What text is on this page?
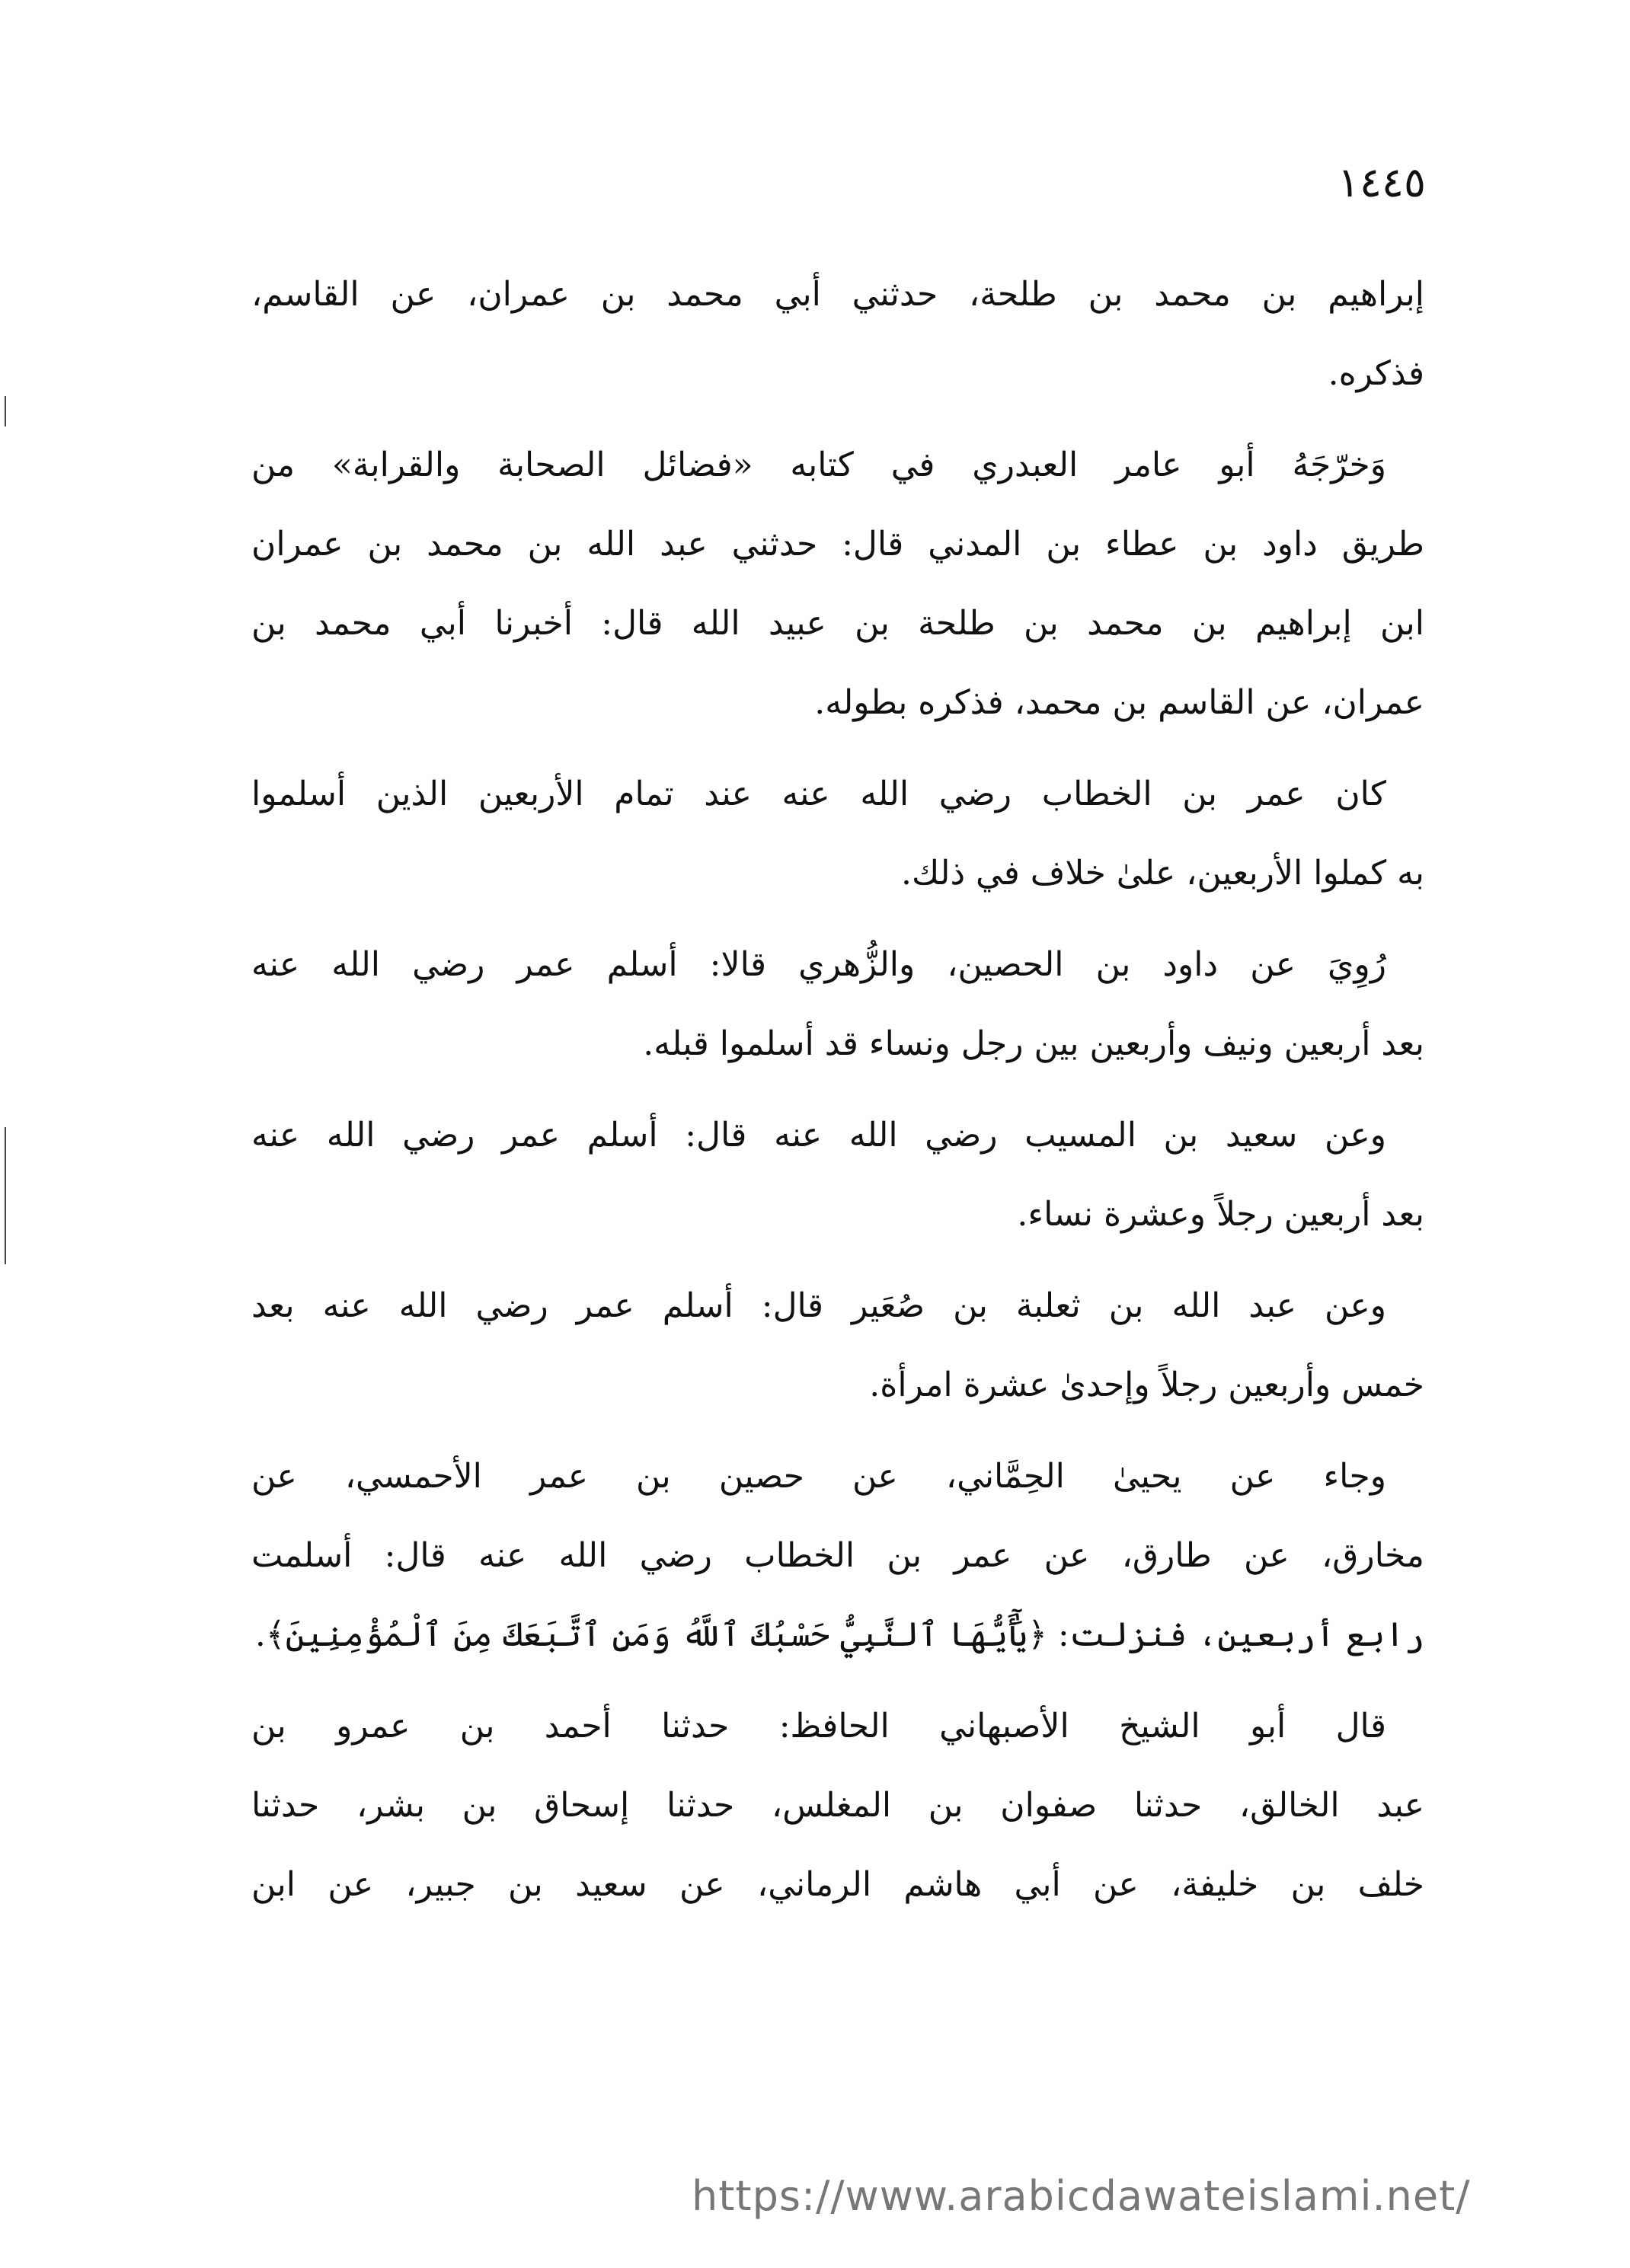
١٤٤٥
إبراهيم بن محمد بن طلحة، حدثني أبي محمد بن عمران، عن القاسم،
فذكره.
وَخرّجَهُ أبو عامر العبدري في كتابه «فضائل الصحابة والقرابة» من
طريق داود بن عطاء بن المدني قال: حدثني عبد الله بن محمد بن عمران
ابن إبراهيم بن محمد بن طلحة بن عبيد الله قال: أخبرنا أبي محمد بن
عمران، عن القاسم بن محمد، فذكره بطوله.
كان عمر بن الخطاب رضي الله عنه عند تمام الأربعين الذين أسلموا
به كملوا الأربعين، علىٰ خلاف في ذلك.
رُوِيَ عن داود بن الحصين، والزُّهري قالا: أسلم عمر رضي الله عنه
بعد أربعين ونيف وأربعين بين رجل ونساء قد أسلموا قبله.
وعن سعيد بن المسيب رضي الله عنه قال: أسلم عمر رضي الله عنه
بعد أربعين رجلاً وعشرة نساء.
وعن عبد الله بن ثعلبة بن صُعَير قال: أسلم عمر رضي الله عنه بعد
خمس وأربعين رجلاً وإحدىٰ عشرة امرأة.
وجاء عن يحيىٰ الحِمَّاني، عن حصين بن عمر الأحمسي، عن
مخارق، عن طارق، عن عمر بن الخطاب رضي الله عنه قال: أسلمت
رابع أربعين، فنزلت: ﴿يَٰٓأَيُّهَا ٱلنَّبِيُّ حَسْبُكَ ٱللَّهُ وَمَنِ ٱتَّبَعَكَ مِنَ ٱلْمُؤْمِنِينَ﴾.
قال أبو الشيخ الأصبهاني الحافظ: حدثنا أحمد بن عمرو بن
عبد الخالق، حدثنا صفوان بن المغلس، حدثنا إسحاق بن بشر، حدثنا
خلف بن خليفة، عن أبي هاشم الرماني، عن سعيد بن جبير، عن ابن
https://www.arabicdawateislami.net/
